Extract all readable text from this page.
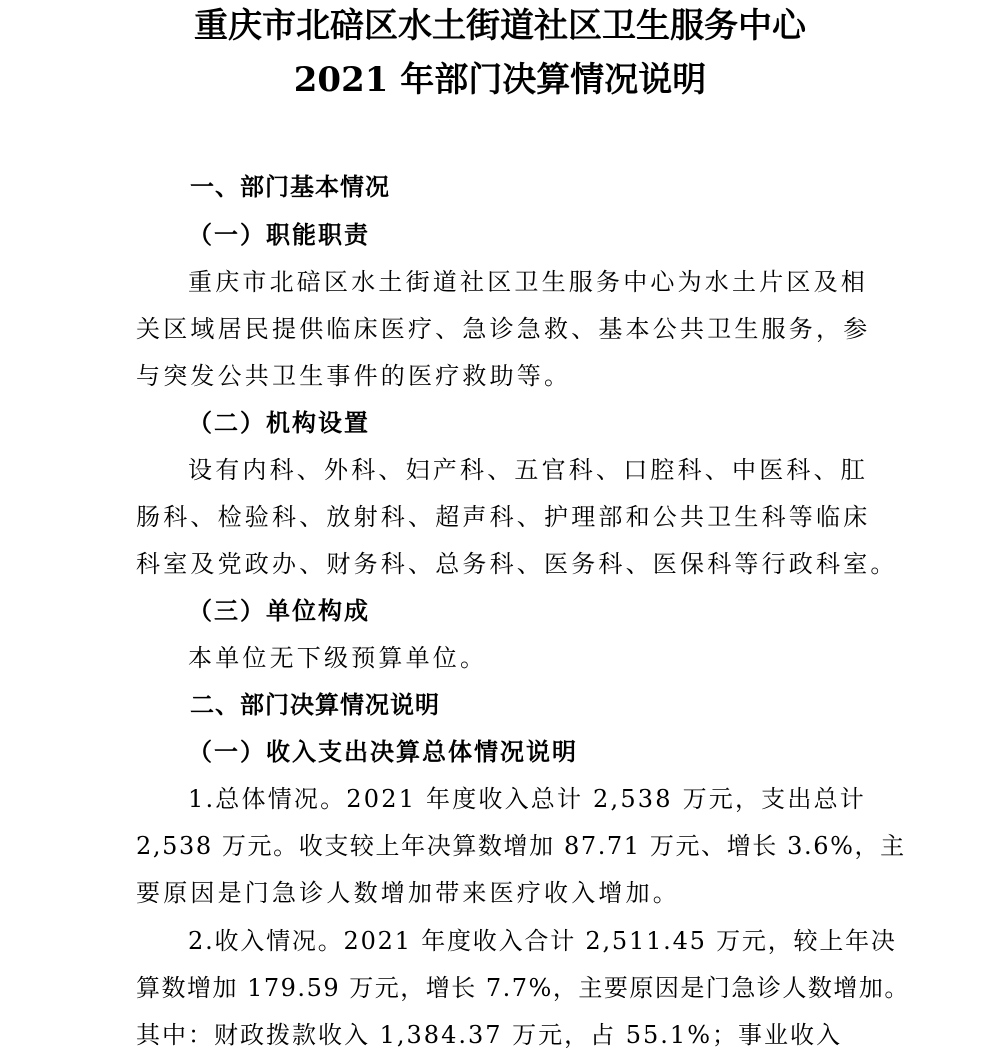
重庆市北碚区水土街道社区卫生服务中心
2021 年部门决算情况说明
一、部门基本情况
（一）职能职责
重庆市北碚区水土街道社区卫生服务中心为水土片区及相
关区域居民提供临床医疗、急诊急救、基本公共卫生服务，参
与突发公共卫生事件的医疗救助等。
（二）机构设置
设有内科、外科、妇产科、五官科、口腔科、中医科、肛
肠科、检验科、放射科、超声科、护理部和公共卫生科等临床
科室及党政办、财务科、总务科、医务科、医保科等行政科室。
（三）单位构成
本单位无下级预算单位。
二、部门决算情况说明
（一）收入支出决算总体情况说明
1.总体情况。2021 年度收入总计 2,538 万元，支出总计
2,538 万元。收支较上年决算数增加 87.71 万元、增长 3.6%，主
要原因是门急诊人数增加带来医疗收入增加。
2.收入情况。2021 年度收入合计 2,511.45 万元，较上年决
算数增加 179.59 万元，增长 7.7%，主要原因是门急诊人数增加。
其中：财政拨款收入 1,384.37 万元，占 55.1%；事业收入
